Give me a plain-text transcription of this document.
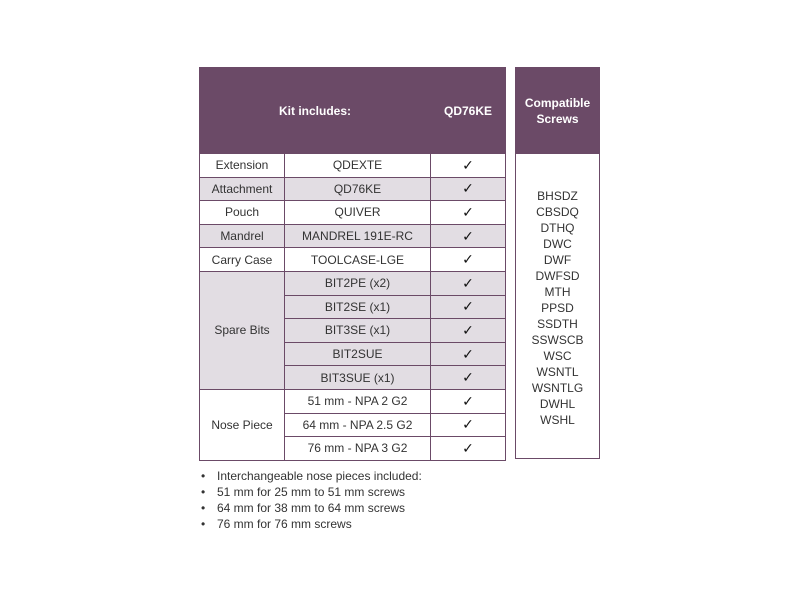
Kit includes:		QD76KE
Extension	QDEXTE	✓
Attachment	QD76KE	✓
Pouch	QUIVER	✓
Mandrel	MANDREL 191E-RC	✓
Carry Case	TOOLCASE-LGE	✓
Spare Bits	BIT2PE (x2)	✓
	BIT2SE (x1)	✓
	BIT3SE (x1)	✓
	BIT2SUE	✓
	BIT3SUE (x1)	✓
Nose Piece	51 mm - NPA 2 G2	✓
	64 mm - NPA 2.5 G2	✓
	76 mm - NPA 3 G2	✓
Compatible
Screws
BHSDZ
CBSDQ
DTHQ
DWC
DWF
DWFSD
MTH
PPSD
SSDTH
SSWSCB
WSC
WSNTL
WSNTLG
DWHL
WSHL
• Interchangeable nose pieces included:
• 51 mm for 25 mm to 51 mm screws
• 64 mm for 38 mm to 64 mm screws
• 76 mm for 76 mm screws
